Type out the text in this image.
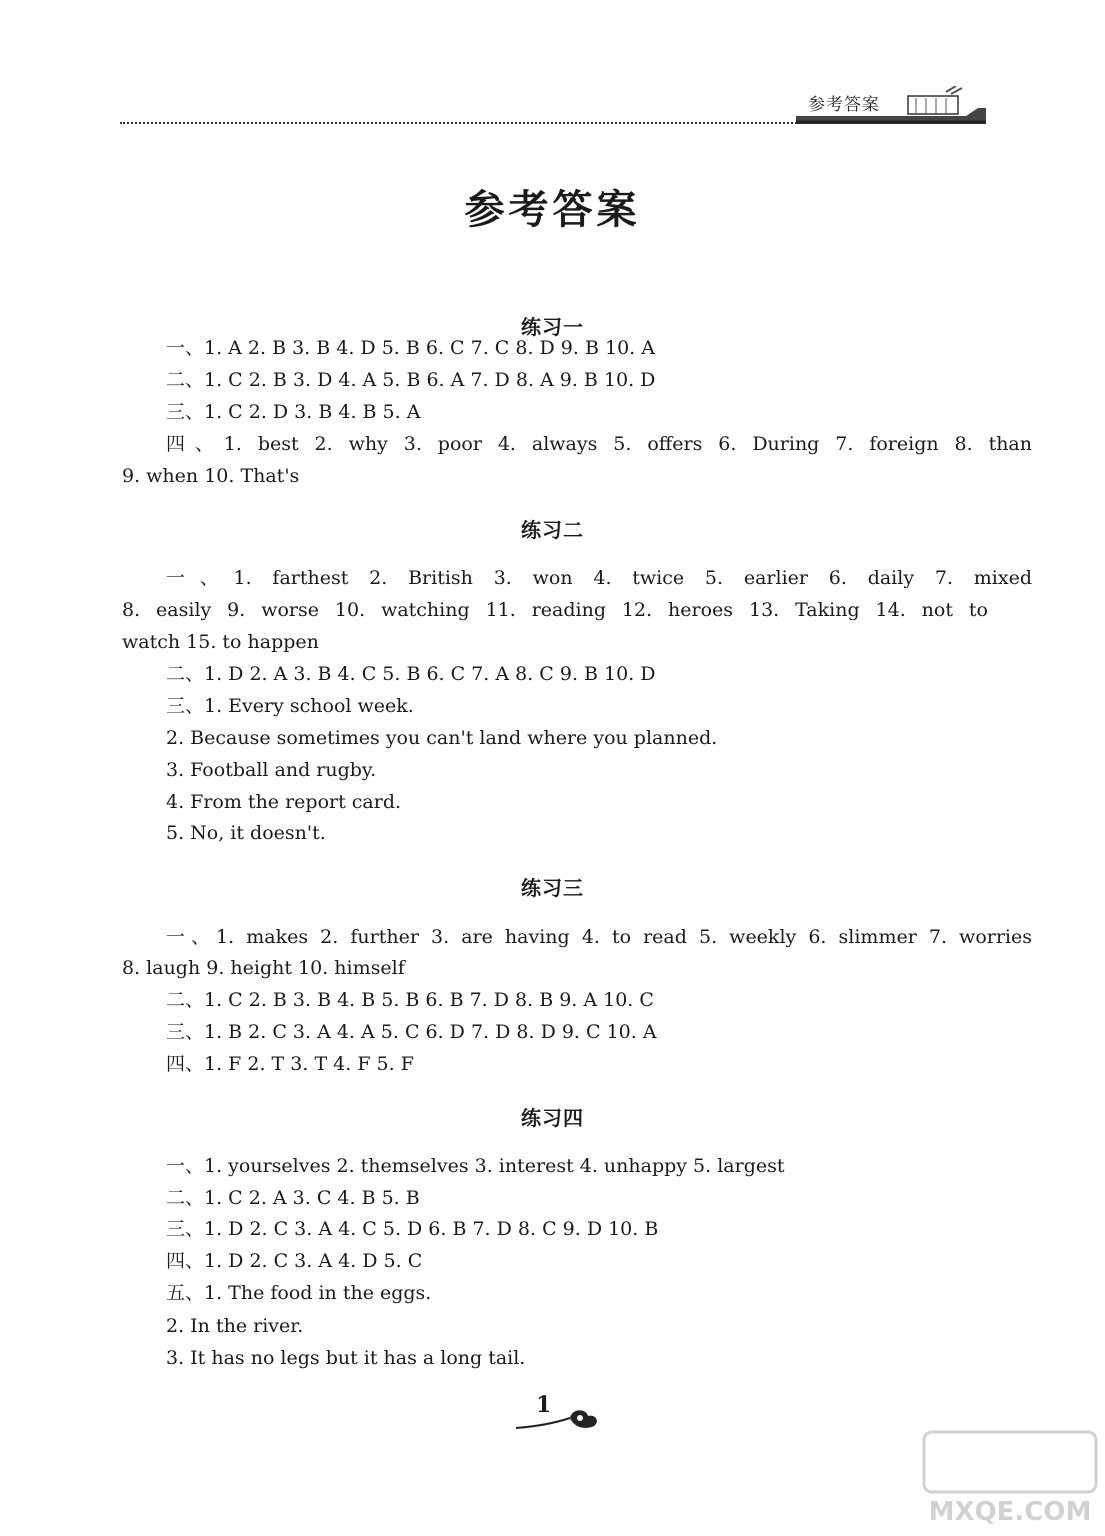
参考答案
参考答案
练习一
一、1. A 2. B 3. B 4. D 5. B 6. C 7. C 8. D 9. B 10. A
二、1. C 2. B 3. D 4. A 5. B 6. A 7. D 8. A 9. B 10. D
三、1. C 2. D 3. B 4. B 5. A
四、1. best 2. why 3. poor 4. always 5. offers 6. During 7. foreign 8. than
9. when 10. That's
练习二
一、1. farthest 2. British 3. won 4. twice 5. earlier 6. daily 7. mixed
8. easily 9. worse 10. watching 11. reading 12. heroes 13. Taking 14. not to
watch 15. to happen
二、1. D 2. A 3. B 4. C 5. B 6. C 7. A 8. C 9. B 10. D
三、1. Every school week.
2. Because sometimes you can't land where you planned.
3. Football and rugby.
4. From the report card.
5. No, it doesn't.
练习三
一、1. makes 2. further 3. are having 4. to read 5. weekly 6. slimmer 7. worries
8. laugh 9. height 10. himself
二、1. C 2. B 3. B 4. B 5. B 6. B 7. D 8. B 9. A 10. C
三、1. B 2. C 3. A 4. A 5. C 6. D 7. D 8. D 9. C 10. A
四、1. F 2. T 3. T 4. F 5. F
练习四
一、1. yourselves 2. themselves 3. interest 4. unhappy 5. largest
二、1. C 2. A 3. C 4. B 5. B
三、1. D 2. C 3. A 4. C 5. D 6. B 7. D 8. C 9. D 10. B
四、1. D 2. C 3. A 4. D 5. C
五、1. The food in the eggs.
2. In the river.
3. It has no legs but it has a long tail.
1
MXQE.COM
